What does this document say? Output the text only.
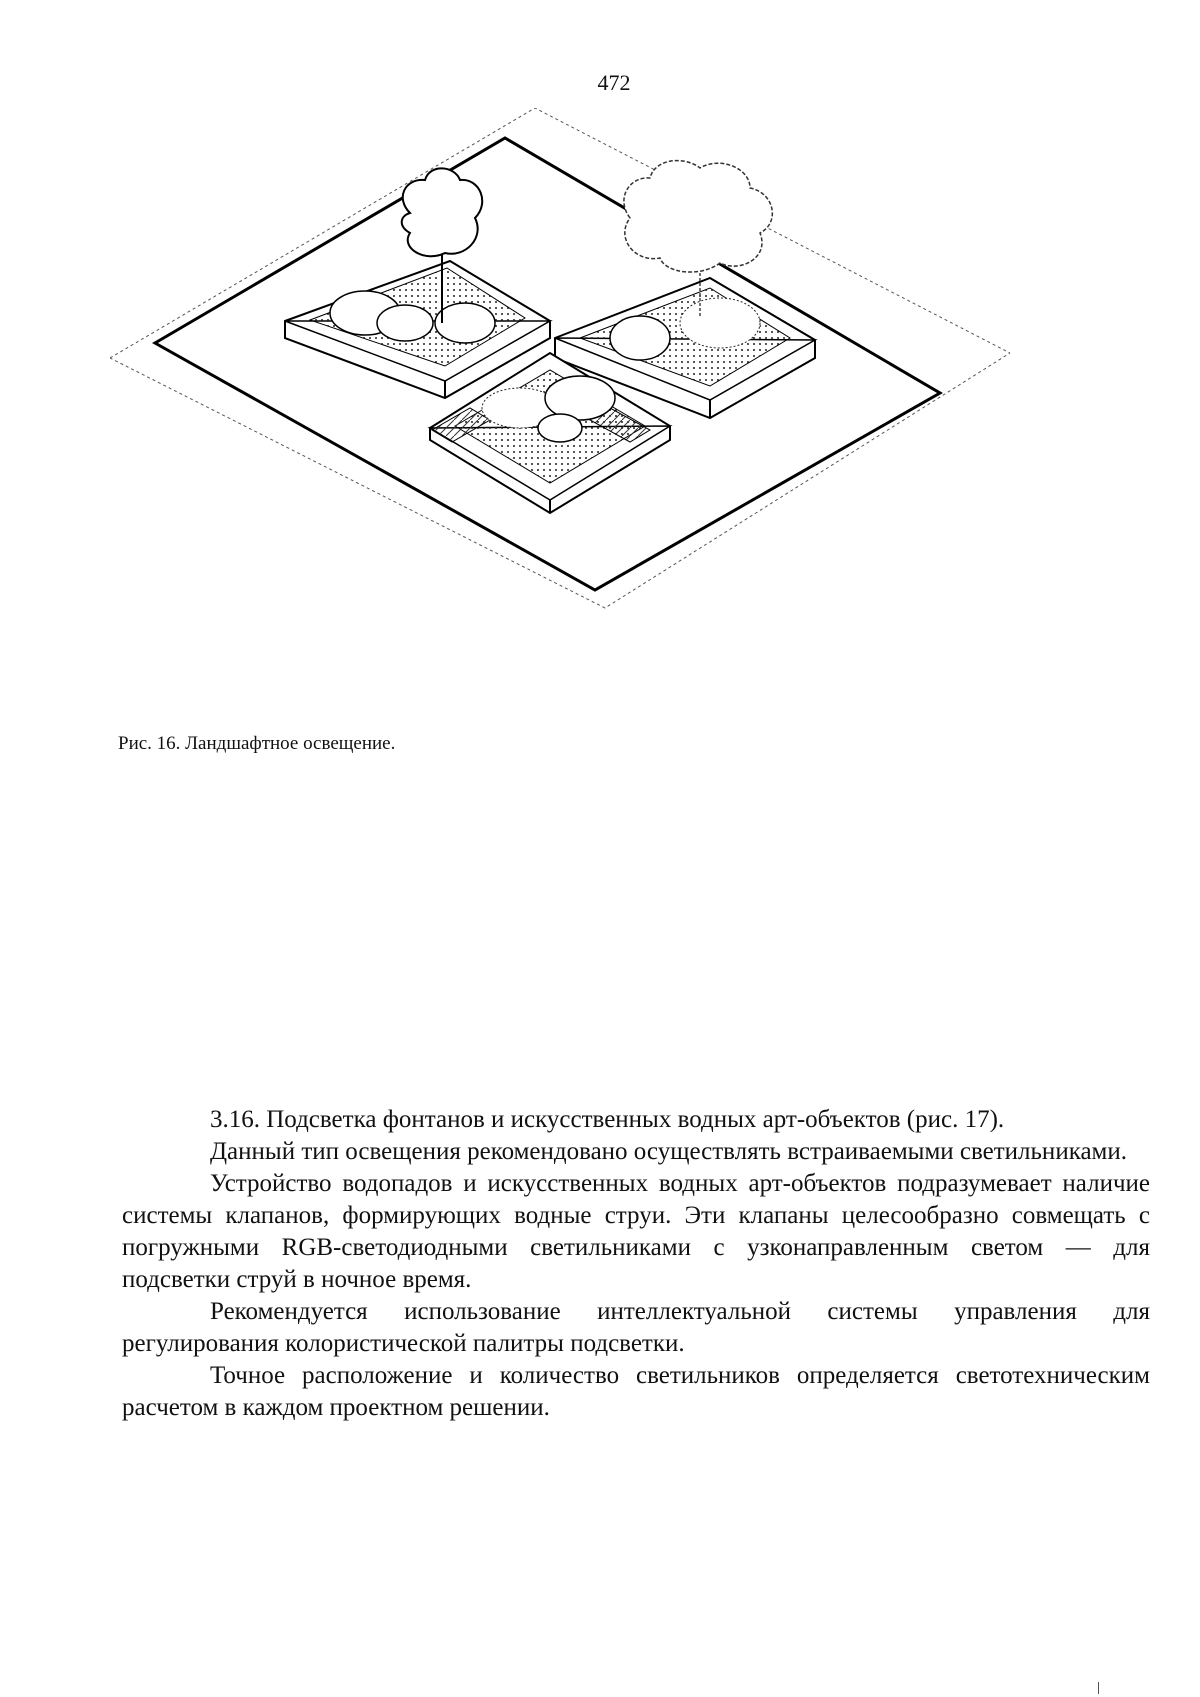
472
Рис. 16. Ландшафтное освещение.

3.16. Подсветка фонтанов и искусственных водных арт-объектов (рис. 17).

Данный тип освещения рекомендовано осуществлять встраиваемыми светильниками.

Устройство водопадов и искусственных водных арт-объектов подразумевает наличие системы клапанов, формирующих водные струи. Эти клапаны целесообразно совмещать с погружными RGB-светодиодными светильниками с узконаправленным светом — для подсветки струй в ночное время.

Рекомендуется использование интеллектуальной системы управления для регулирования колористической палитры подсветки.

Точное расположение и количество светильников определяется светотехническим расчетом в каждом проектном решении.
